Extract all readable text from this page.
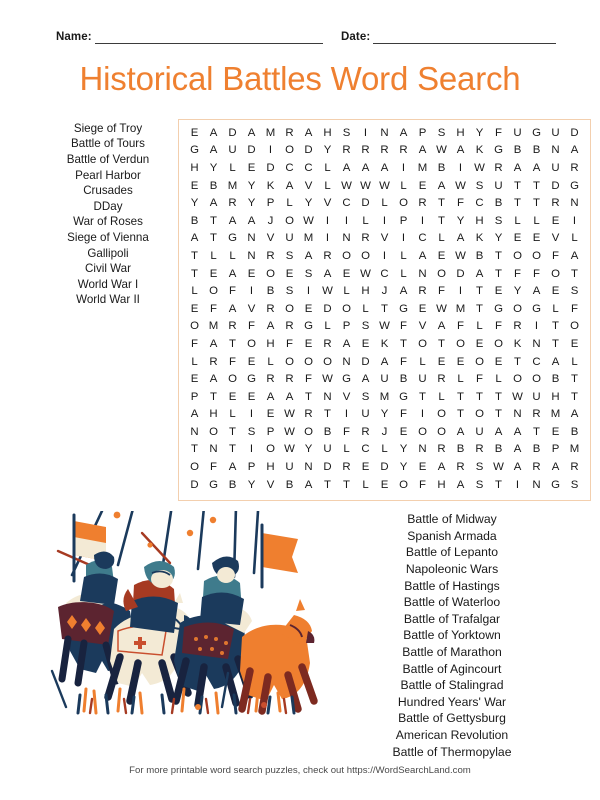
Name:	Date:
Historical Battles Word Search
Siege of Troy
Battle of Tours
Battle of Verdun
Pearl Harbor
Crusades
DDay
War of Roses
Siege of Vienna
Gallipoli
Civil War
World War I
World War II
E	A	D	A	M	R	A	H	S	I	N	A	P	S	H	Y	F	U	G	U	D
G	A	U	D	I	O	D	Y	R	R	R	R	A	W	A	K	G	B	B	N	A
H	Y	L	E	D	C	C	L	A	A	A	I	M	B	I	W	R	A	A	U	R
E	B	M	Y	K	A	V	L	W	W	W	L	E	A	W	S	U	T	T	D	G
Y	A	R	Y	P	L	Y	V	C	D	L	O	R	T	F	C	B	T	T	R	N
B	T	A	A	J	O	W	I	I	L	I	P	I	T	Y	H	S	L	L	E	I
A	T	G	N	V	U	M	I	N	R	V	I	C	L	A	K	Y	E	E	V	L
T	L	L	N	R	S	A	R	O	O	I	L	A	E	W	B	T	O	O	F	A
T	E	A	E	O	E	S	A	E	W	C	L	N	O	D	A	T	F	F	O	T
L	O	F	I	B	S	I	W	L	H	J	A	R	F	I	T	E	Y	A	E	S
E	F	A	V	R	O	E	D	O	L	T	G	E	W	M	T	G	O	G	L	F
O	M	R	F	A	R	G	L	P	S	W	F	V	A	F	L	F	R	I	T	O
F	A	T	O	H	F	E	R	A	E	K	T	O	T	O	E	O	K	N	T	E
L	R	F	E	L	O	O	O	N	D	A	F	L	E	E	O	E	T	C	A	L
E	A	O	G	R	R	F	W	G	A	U	B	U	R	L	F	L	O	O	B	T
P	T	E	E	A	A	T	N	V	S	M	G	T	L	T	T	T	W	U	H	T
A	H	L	I	E	W	R	T	I	U	Y	F	I	O	T	O	T	N	R	M	A
N	O	T	S	P	W	O	B	F	R	J	E	O	O	A	U	A	A	T	E	B
T	N	T	I	O	W	Y	U	L	C	L	Y	N	R	B	R	B	A	B	P	M
O	F	A	P	H	U	N	D	R	E	D	Y	E	A	R	S	W	A	R	A	R
D	G	B	Y	V	B	A	T	T	L	E	O	F	H	A	S	T	I	N	G	S
Battle of Midway
Spanish Armada
Battle of Lepanto
Napoleonic Wars
Battle of Hastings
Battle of Waterloo
Battle of Trafalgar
Battle of Yorktown
Battle of Marathon
Battle of Agincourt
Battle of Stalingrad
Hundred Years' War
Battle of Gettysburg
American Revolution
Battle of Thermopylae
For more printable word search puzzles, check out https://WordSearchLand.com
